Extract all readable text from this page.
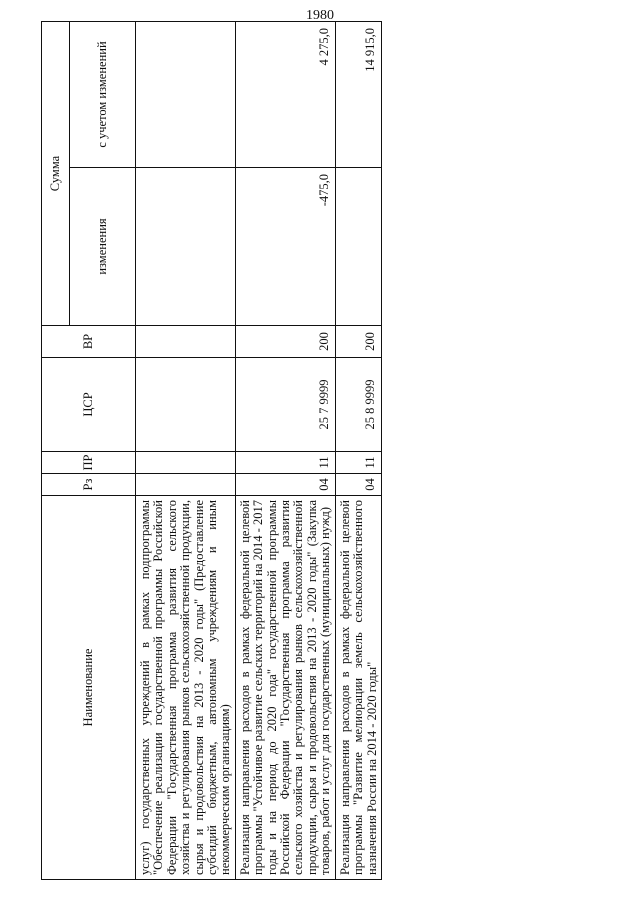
1980
Наименование	Рз	ПР	ЦСР	ВР	Сумма	
					изменения	с учетом изменений

услуг) государственных учреждений в рамках подпрограммы "Обеспечение реализации государственной программы Российской Федерации "Государственная программа развития сельского хозяйства и регулирования рынков сельскохозяйственной продукции, сырья и продовольствия на 2013 - 2020 годы" (Предоставление субсидий бюджетным, автономным учреждениям и иным некоммерческим организациям)						

Реализация направления расходов в рамках федеральной целевой программы "Устойчивое развитие сельских территорий на 2014 - 2017 годы и на период до 2020 года" государственной программы Российской Федерации "Государственная программа развития сельского хозяйства и регулирования рынков сельскохозяйственной продукции, сырья и продовольствия на 2013 - 2020 годы" (Закупка товаров, работ и услуг для государственных (муниципальных) нужд)	04	11	25 7 9999	200	-475,0	4 275,0

Реализация направления расходов в рамках федеральной целевой программы "Развитие мелиорации земель сельскохозяйственного назначения России на 2014 - 2020 годы"	04	11	25 8 9999	200		14 915,0
